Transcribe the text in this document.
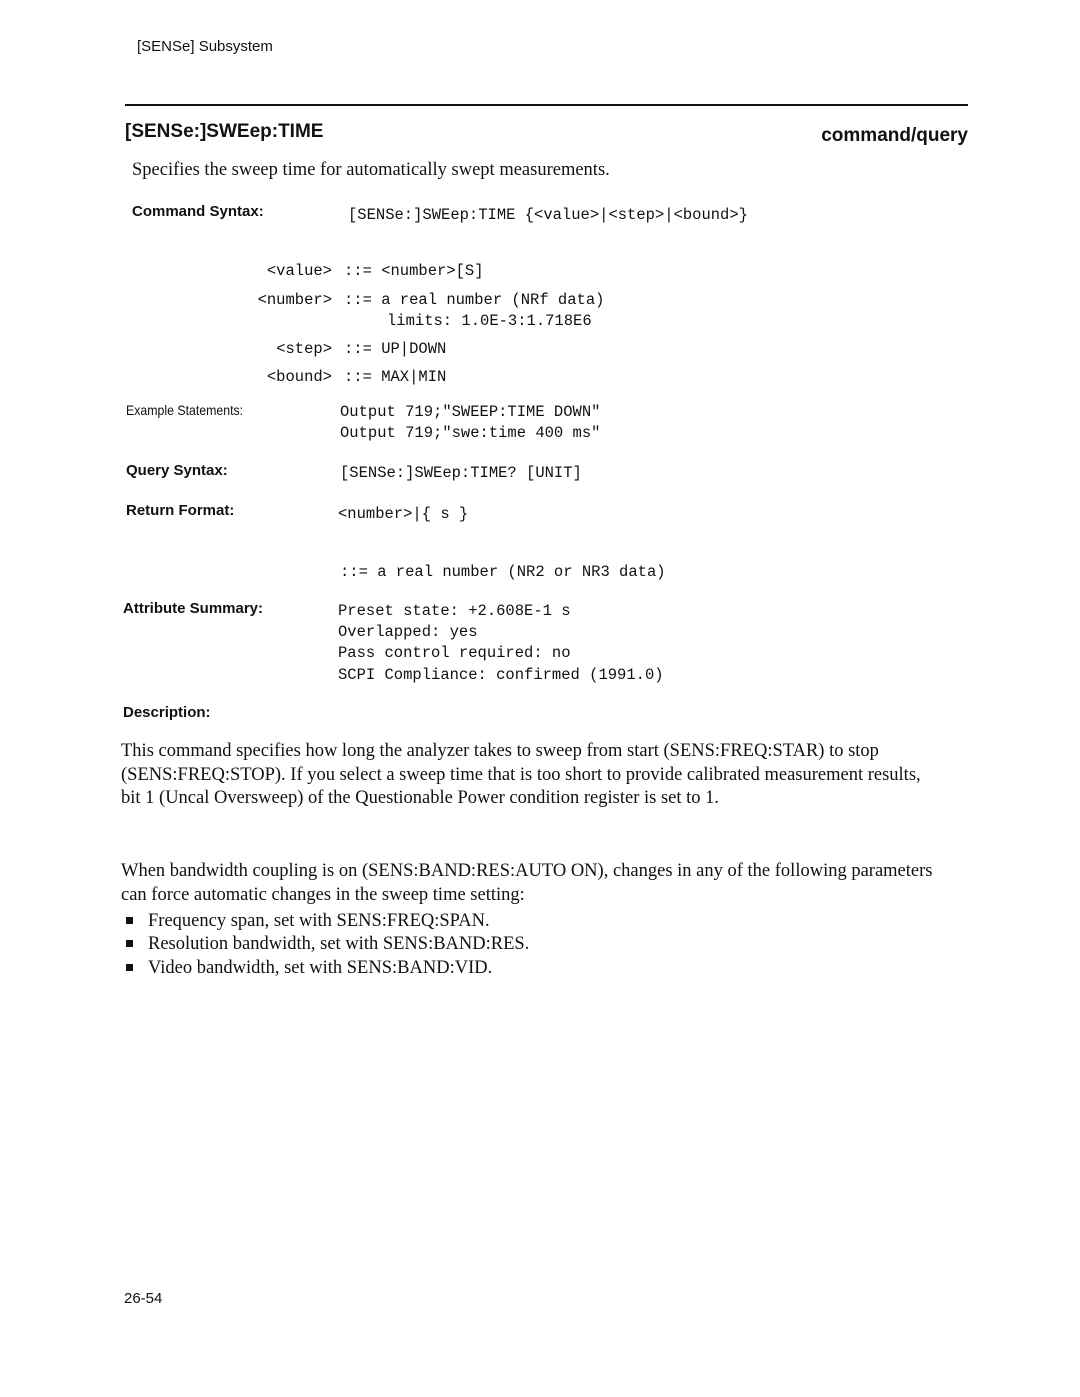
[SENSe] Subsystem
[SENSe:]SWEep:TIME	command/query
Specifies the sweep time for automatically swept measurements.
Command Syntax:	[SENSe:]SWEep:TIME {<value>|<step>|<bound>}
<value> ::= <number>[S]
<number> ::= a real number (NRf data)
limits: 1.0E-3:1.718E6
<step> ::= UP|DOWN
<bound> ::= MAX|MIN
Example Statements:	Output 719;"SWEEP:TIME DOWN"
Output 719;"swe:time 400 ms"
Query Syntax:	[SENSe:]SWEep:TIME? [UNIT]
Return Format:	<number>|{ s }
::= a real number (NR2 or NR3 data)
Attribute Summary:	Preset state: +2.608E-1 s
Overlapped: yes
Pass control required: no
SCPI Compliance: confirmed (1991.0)
Description:
This command specifies how long the analyzer takes to sweep from start (SENS:FREQ:STAR) to stop (SENS:FREQ:STOP). If you select a sweep time that is too short to provide calibrated measurement results, bit 1 (Uncal Oversweep) of the Questionable Power condition register is set to 1.
When bandwidth coupling is on (SENS:BAND:RES:AUTO ON), changes in any of the following parameters can force automatic changes in the sweep time setting:
Frequency span, set with SENS:FREQ:SPAN.
Resolution bandwidth, set with SENS:BAND:RES.
Video bandwidth, set with SENS:BAND:VID.
26-54
